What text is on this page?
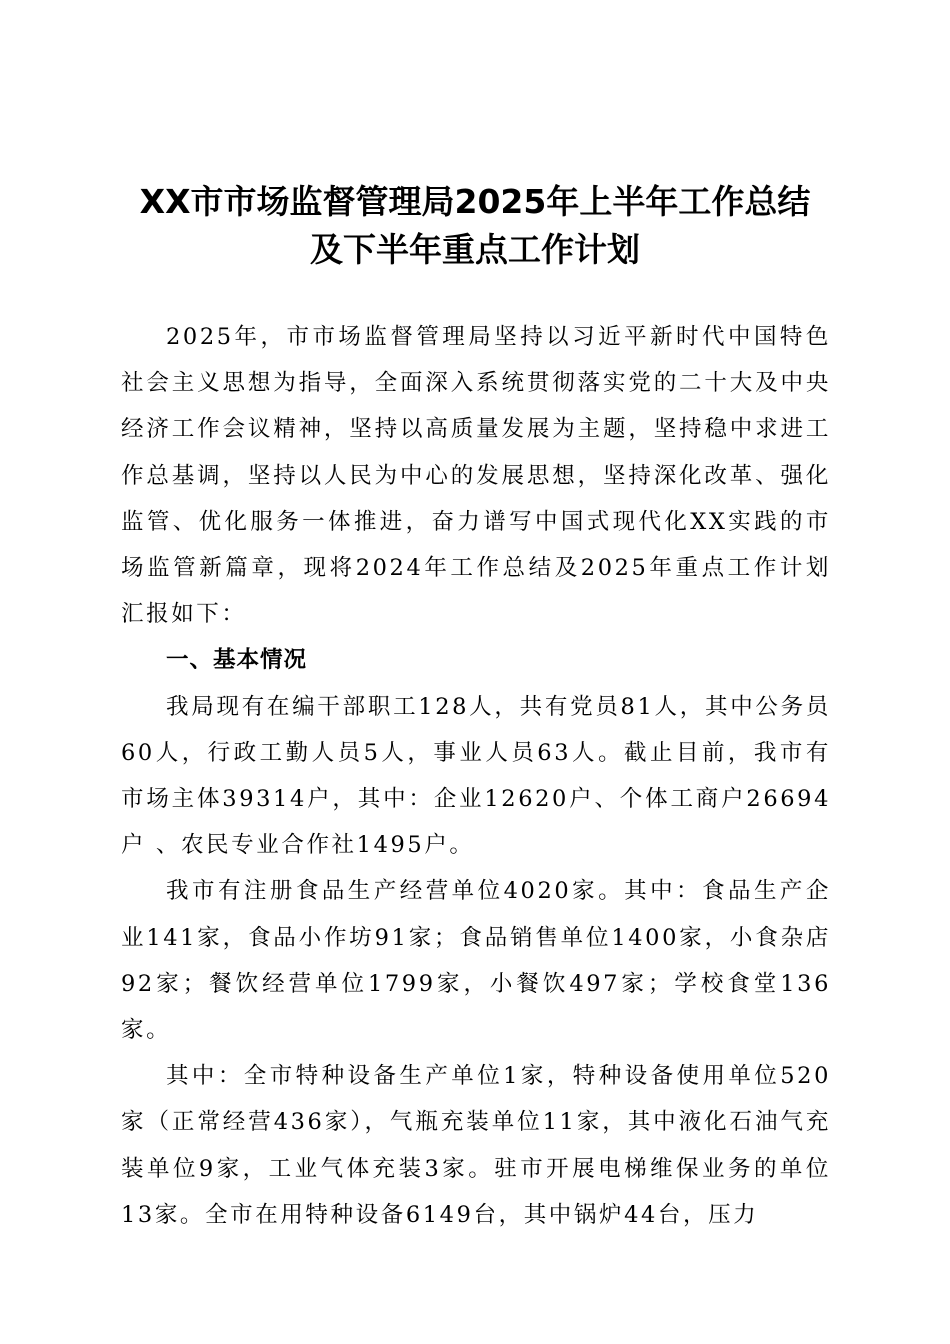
XX市市场监督管理局2025年上半年工作总结
及下半年重点工作计划

2025年，市市场监督管理局坚持以习近平新时代中国特色社会主义思想为指导，全面深入系统贯彻落实党的二十大及中央经济工作会议精神，坚持以高质量发展为主题，坚持稳中求进工作总基调，坚持以人民为中心的发展思想，坚持深化改革、强化监管、优化服务一体推进，奋力谱写中国式现代化XX实践的市场监管新篇章，现将2024年工作总结及2025年重点工作计划汇报如下：

一、基本情况

我局现有在编干部职工128人，共有党员81人，其中公务员60人，行政工勤人员5人，事业人员63人。截止目前，我市有市场主体39314户，其中：企业12620户、个体工商户26694户 、农民专业合作社1495户。

我市有注册食品生产经营单位4020家。其中：食品生产企业141家，食品小作坊91家；食品销售单位1400家，小食杂店92家；餐饮经营单位1799家，小餐饮497家；学校食堂136家。

其中：全市特种设备生产单位1家，特种设备使用单位520家（正常经营436家），气瓶充装单位11家，其中液化石油气充装单位9家，工业气体充装3家。驻市开展电梯维保业务的单位13家。全市在用特种设备6149台，其中锅炉44台，压力
